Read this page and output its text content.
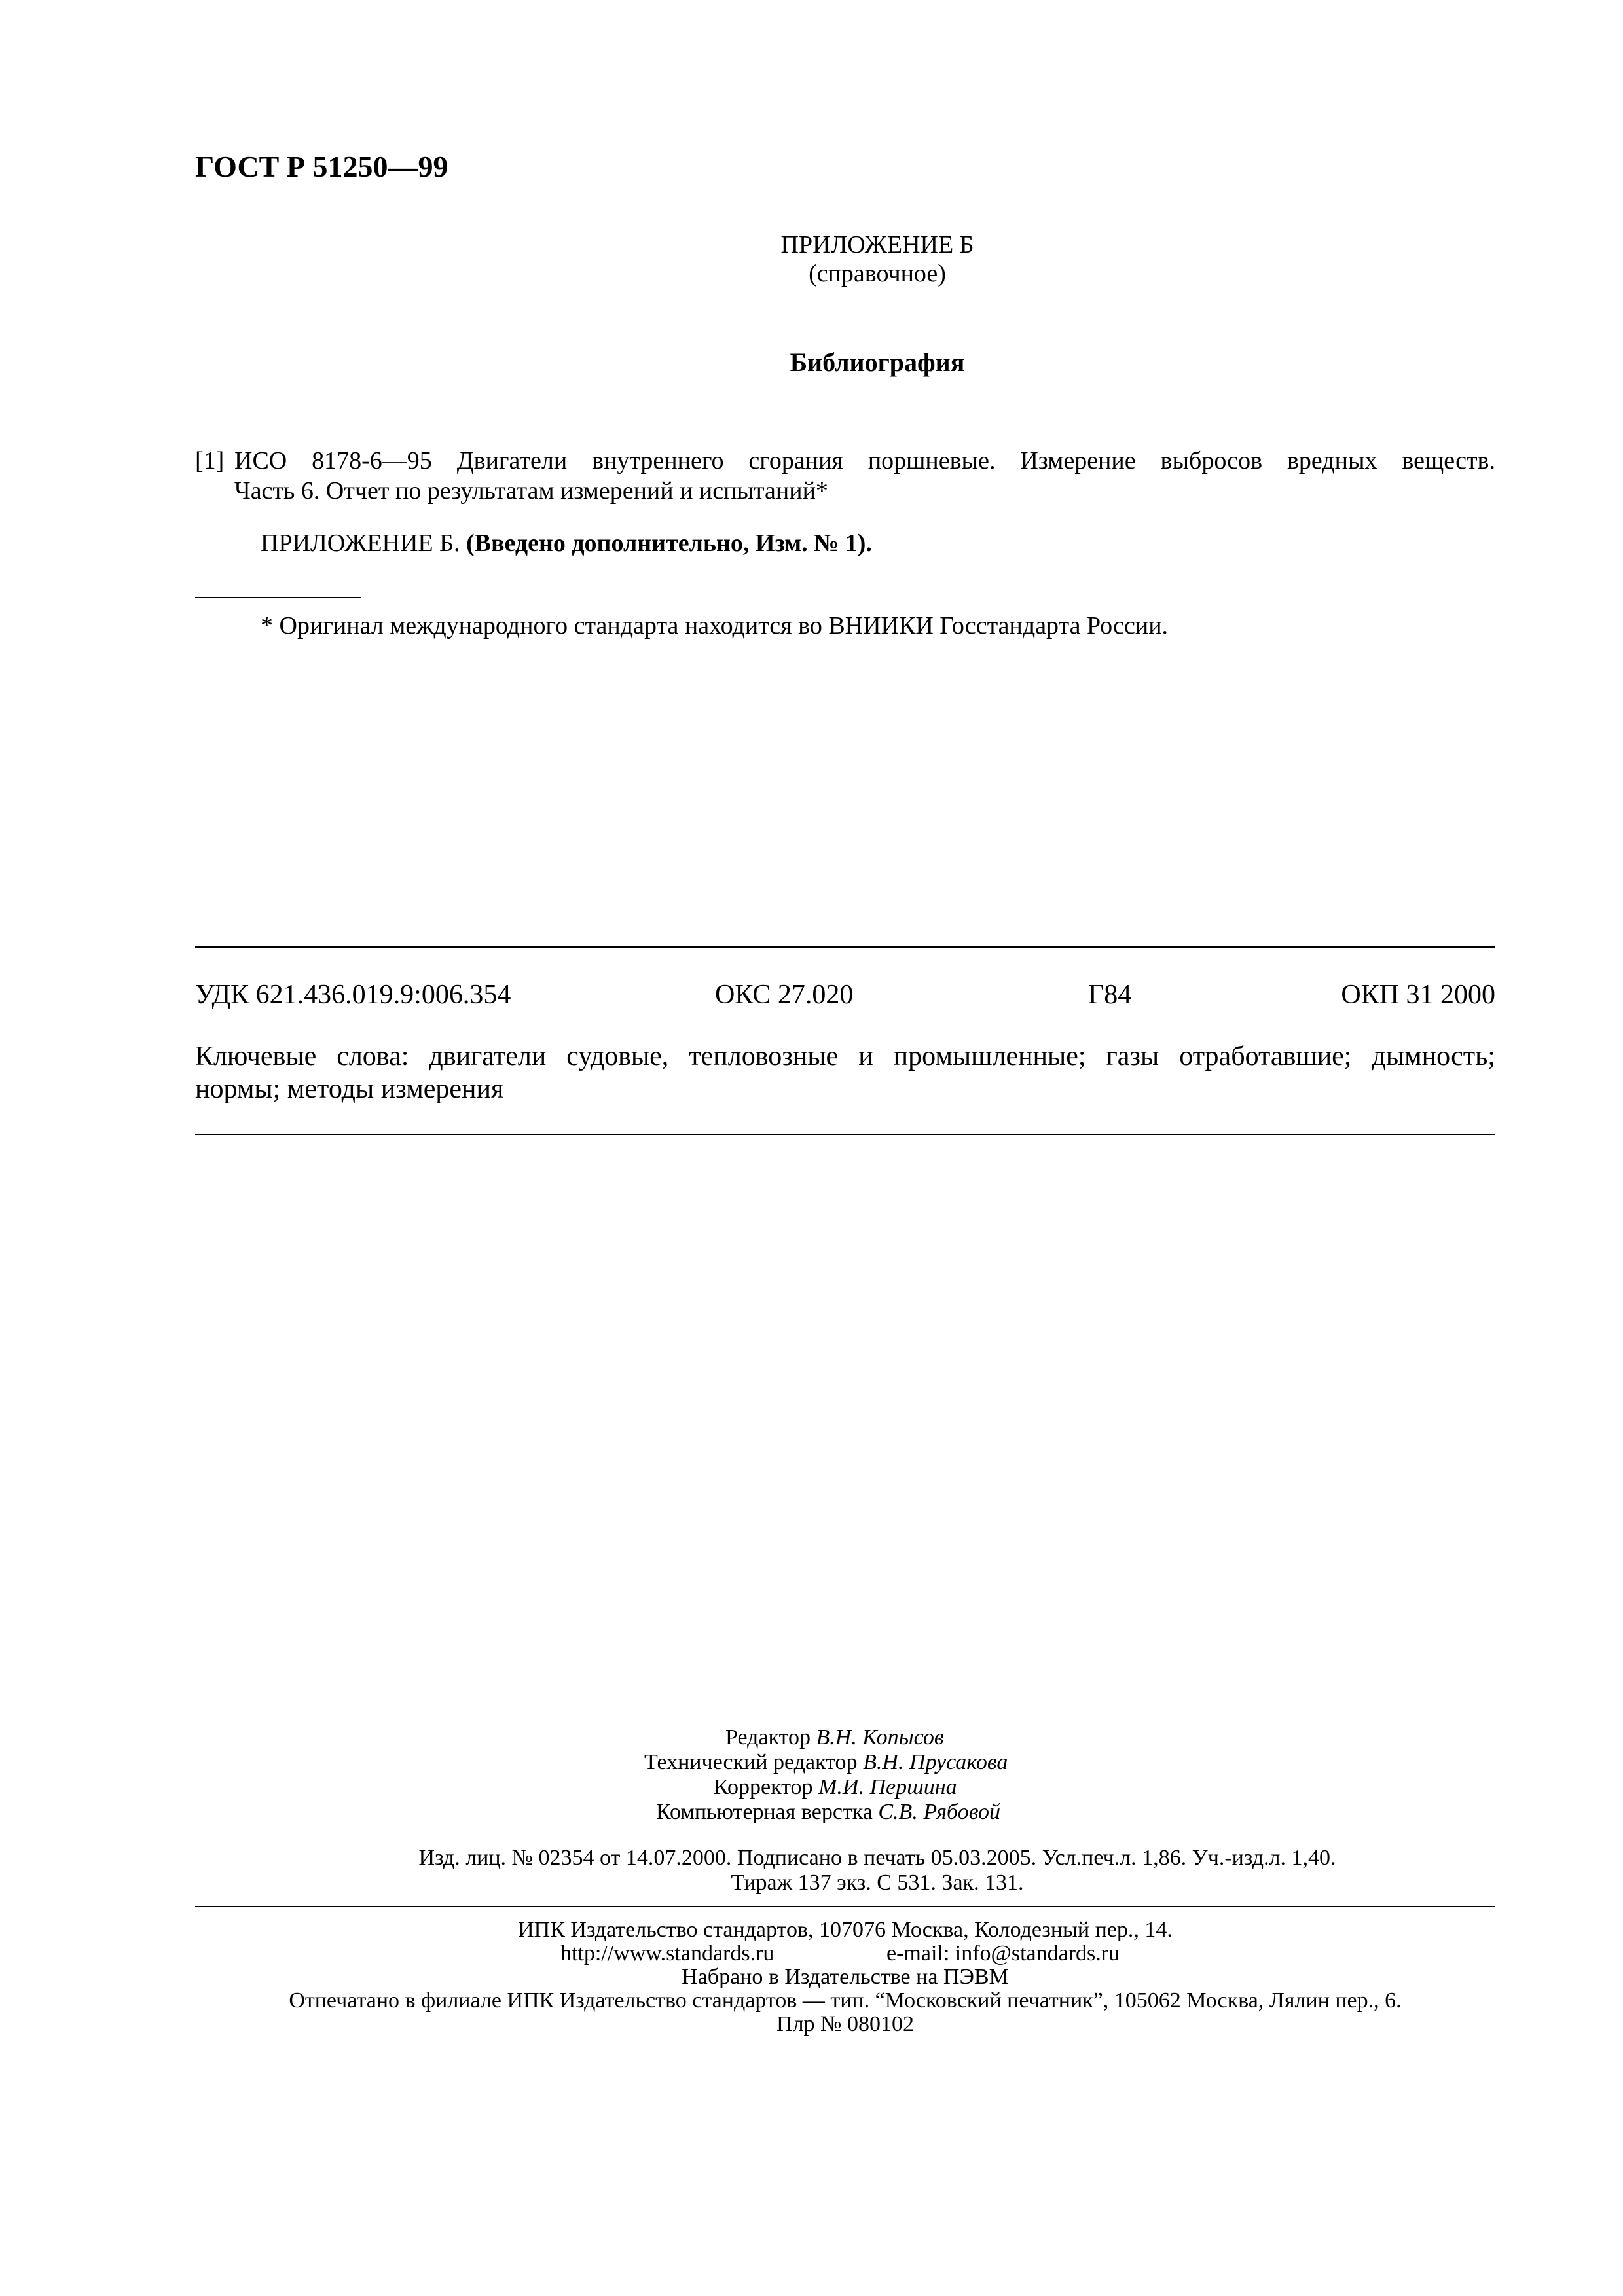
ГОСТ Р 51250—99
ПРИЛОЖЕНИЕ Б
(справочное)
Библиография
[1] ИСО 8178-6—95 Двигатели внутреннего сгорания поршневые. Измерение выбросов вредных веществ.
Часть 6. Отчет по результатам измерений и испытаний*
ПРИЛОЖЕНИЕ Б. (Введено дополнительно, Изм. № 1).
* Оригинал международного стандарта находится во ВНИИКИ Госстандарта России.
УДК 621.436.019.9:006.354	ОКС 27.020	Г84	ОКП 31 2000
Ключевые слова: двигатели судовые, тепловозные и промышленные; газы отработавшие; дымность;
нормы; методы измерения
Редактор В.Н. Копысов
Технический редактор В.Н. Прусакова
Корректор М.И. Першина
Компьютерная верстка С.В. Рябовой
Изд. лиц. № 02354 от 14.07.2000. Подписано в печать 05.03.2005. Усл.печ.л. 1,86. Уч.-изд.л. 1,40.
Тираж 137 экз. С 531. Зак. 131.
ИПК Издательство стандартов, 107076 Москва, Колодезный пер., 14.
http://www.standards.ru	e-mail: info@standards.ru
Набрано в Издательстве на ПЭВМ
Отпечатано в филиале ИПК Издательство стандартов — тип. “Московский печатник”, 105062 Москва, Лялин пер., 6.
Плр № 080102
